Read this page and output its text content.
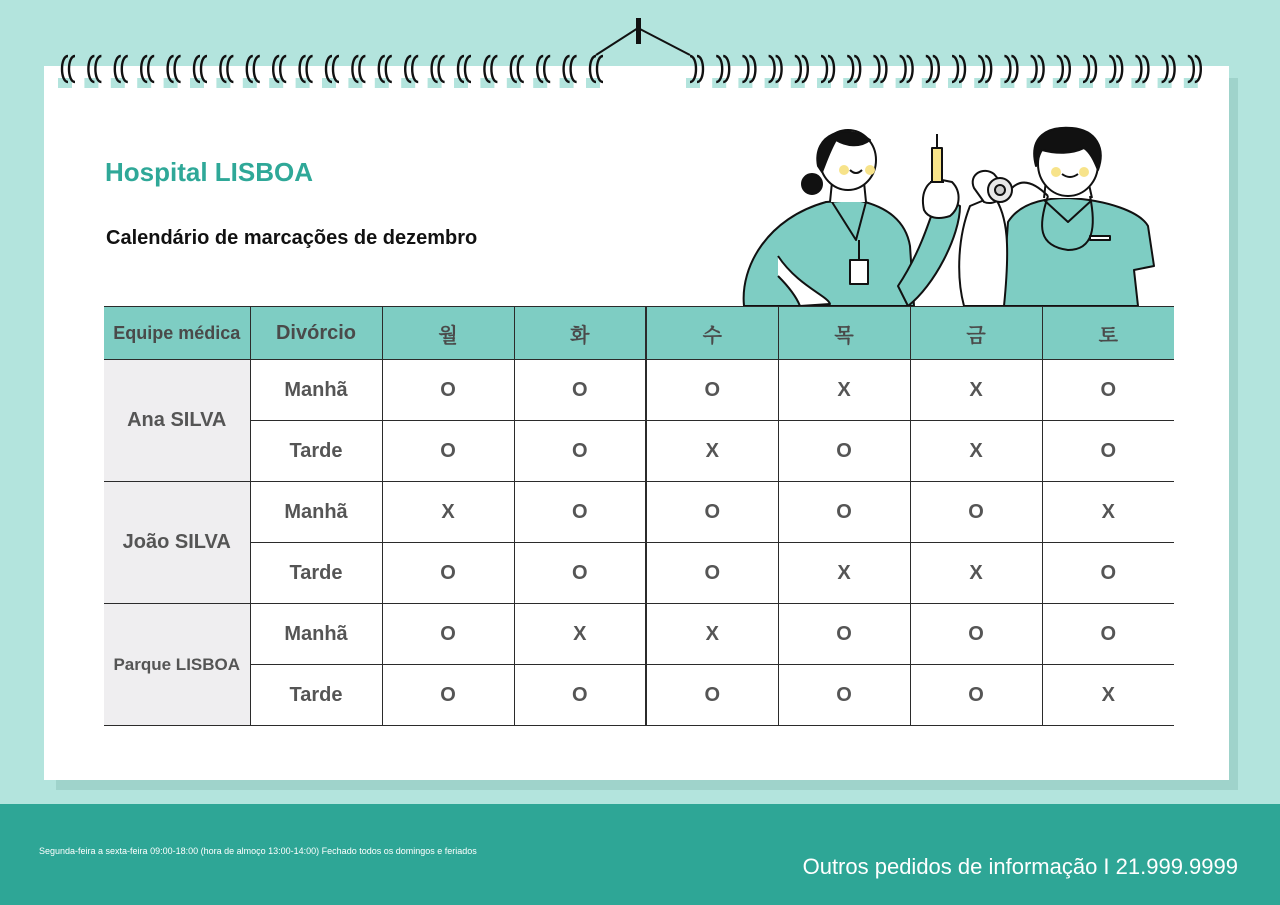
Hospital LISBOA
Calendário de marcações de dezembro
Equipe médica	Divórcio	월	화	수	목	금	토
Ana SILVA	Manhã	O	O	O	X	X	O
	Tarde	O	O	X	O	X	O
João SILVA	Manhã	X	O	O	O	O	X
	Tarde	O	O	O	X	X	O
Parque LISBOA	Manhã	O	X	X	O	O	O
	Tarde	O	O	O	O	O	X
Segunda-feira a sexta-feira 09:00-18:00 (hora de almoço 13:00-14:00) Fechado todos os domingos e feriados
Outros pedidos de informação I 21.999.9999
